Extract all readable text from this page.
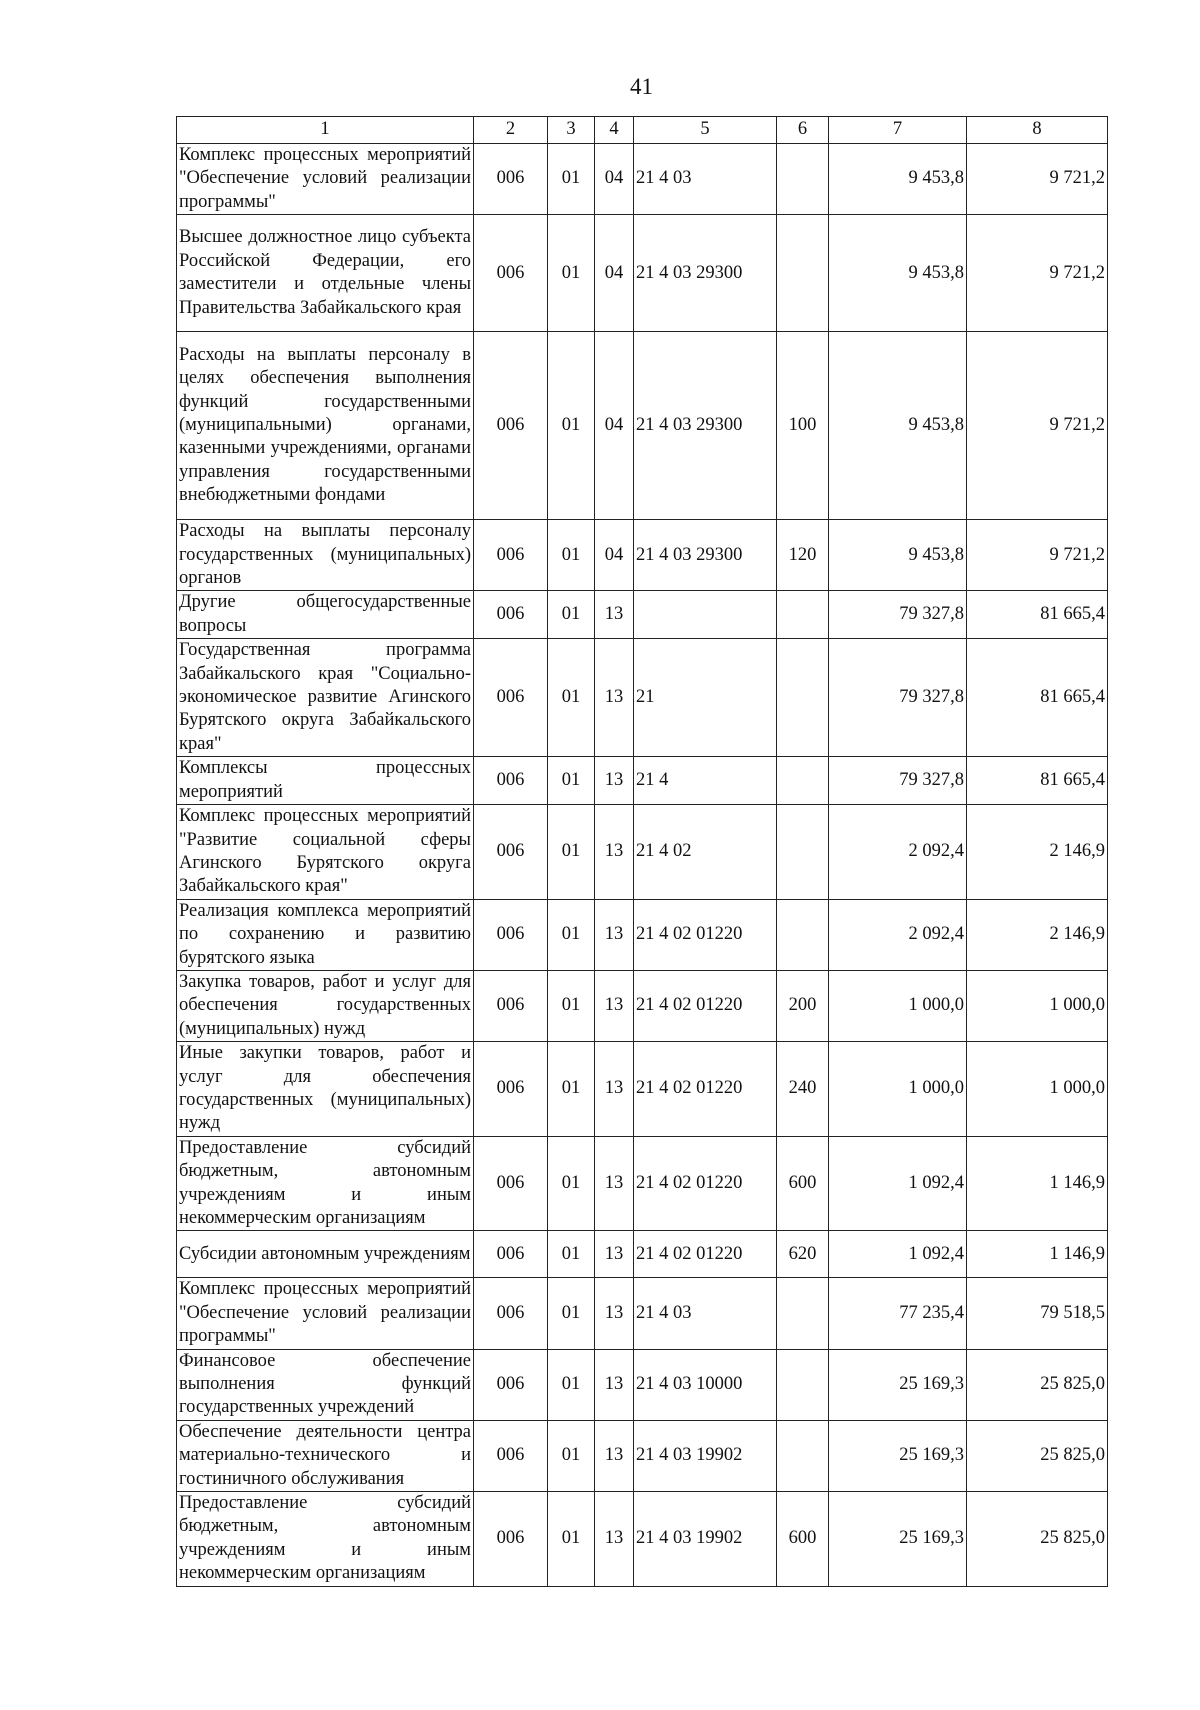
41
1	2	3	4	5	6	7	8
Комплекс процессных мероприятий "Обеспечение условий реализации программы"	006	01	04	21 4 03		9 453,8	9 721,2
Высшее должностное лицо субъекта Российской Федерации, его заместители и отдельные члены Правительства Забайкальского края	006	01	04	21 4 03 29300		9 453,8	9 721,2
Расходы на выплаты персоналу в целях обеспечения выполнения функций государственными (муниципальными) органами, казенными учреждениями, органами управления государственными внебюджетными фондами	006	01	04	21 4 03 29300	100	9 453,8	9 721,2
Расходы на выплаты персоналу государственных (муниципальных) органов	006	01	04	21 4 03 29300	120	9 453,8	9 721,2
Другие общегосударственные вопросы	006	01	13			79 327,8	81 665,4
Государственная программа Забайкальского края "Социально-экономическое развитие Агинского Бурятского округа Забайкальского края"	006	01	13	21		79 327,8	81 665,4
Комплексы процессных мероприятий	006	01	13	21 4		79 327,8	81 665,4
Комплекс процессных мероприятий "Развитие социальной сферы Агинского Бурятского округа Забайкальского края"	006	01	13	21 4 02		2 092,4	2 146,9
Реализация комплекса мероприятий по сохранению и развитию бурятского языка	006	01	13	21 4 02 01220		2 092,4	2 146,9
Закупка товаров, работ и услуг для обеспечения государственных (муниципальных) нужд	006	01	13	21 4 02 01220	200	1 000,0	1 000,0
Иные закупки товаров, работ и услуг для обеспечения государственных (муниципальных) нужд	006	01	13	21 4 02 01220	240	1 000,0	1 000,0
Предоставление субсидий бюджетным, автономным учреждениям и иным некоммерческим организациям	006	01	13	21 4 02 01220	600	1 092,4	1 146,9
Субсидии автономным учреждениям	006	01	13	21 4 02 01220	620	1 092,4	1 146,9
Комплекс процессных мероприятий "Обеспечение условий реализации программы"	006	01	13	21 4 03		77 235,4	79 518,5
Финансовое обеспечение выполнения функций государственных учреждений	006	01	13	21 4 03 10000		25 169,3	25 825,0
Обеспечение деятельности центра материально-технического и гостиничного обслуживания	006	01	13	21 4 03 19902		25 169,3	25 825,0
Предоставление субсидий бюджетным, автономным учреждениям и иным некоммерческим организациям	006	01	13	21 4 03 19902	600	25 169,3	25 825,0
